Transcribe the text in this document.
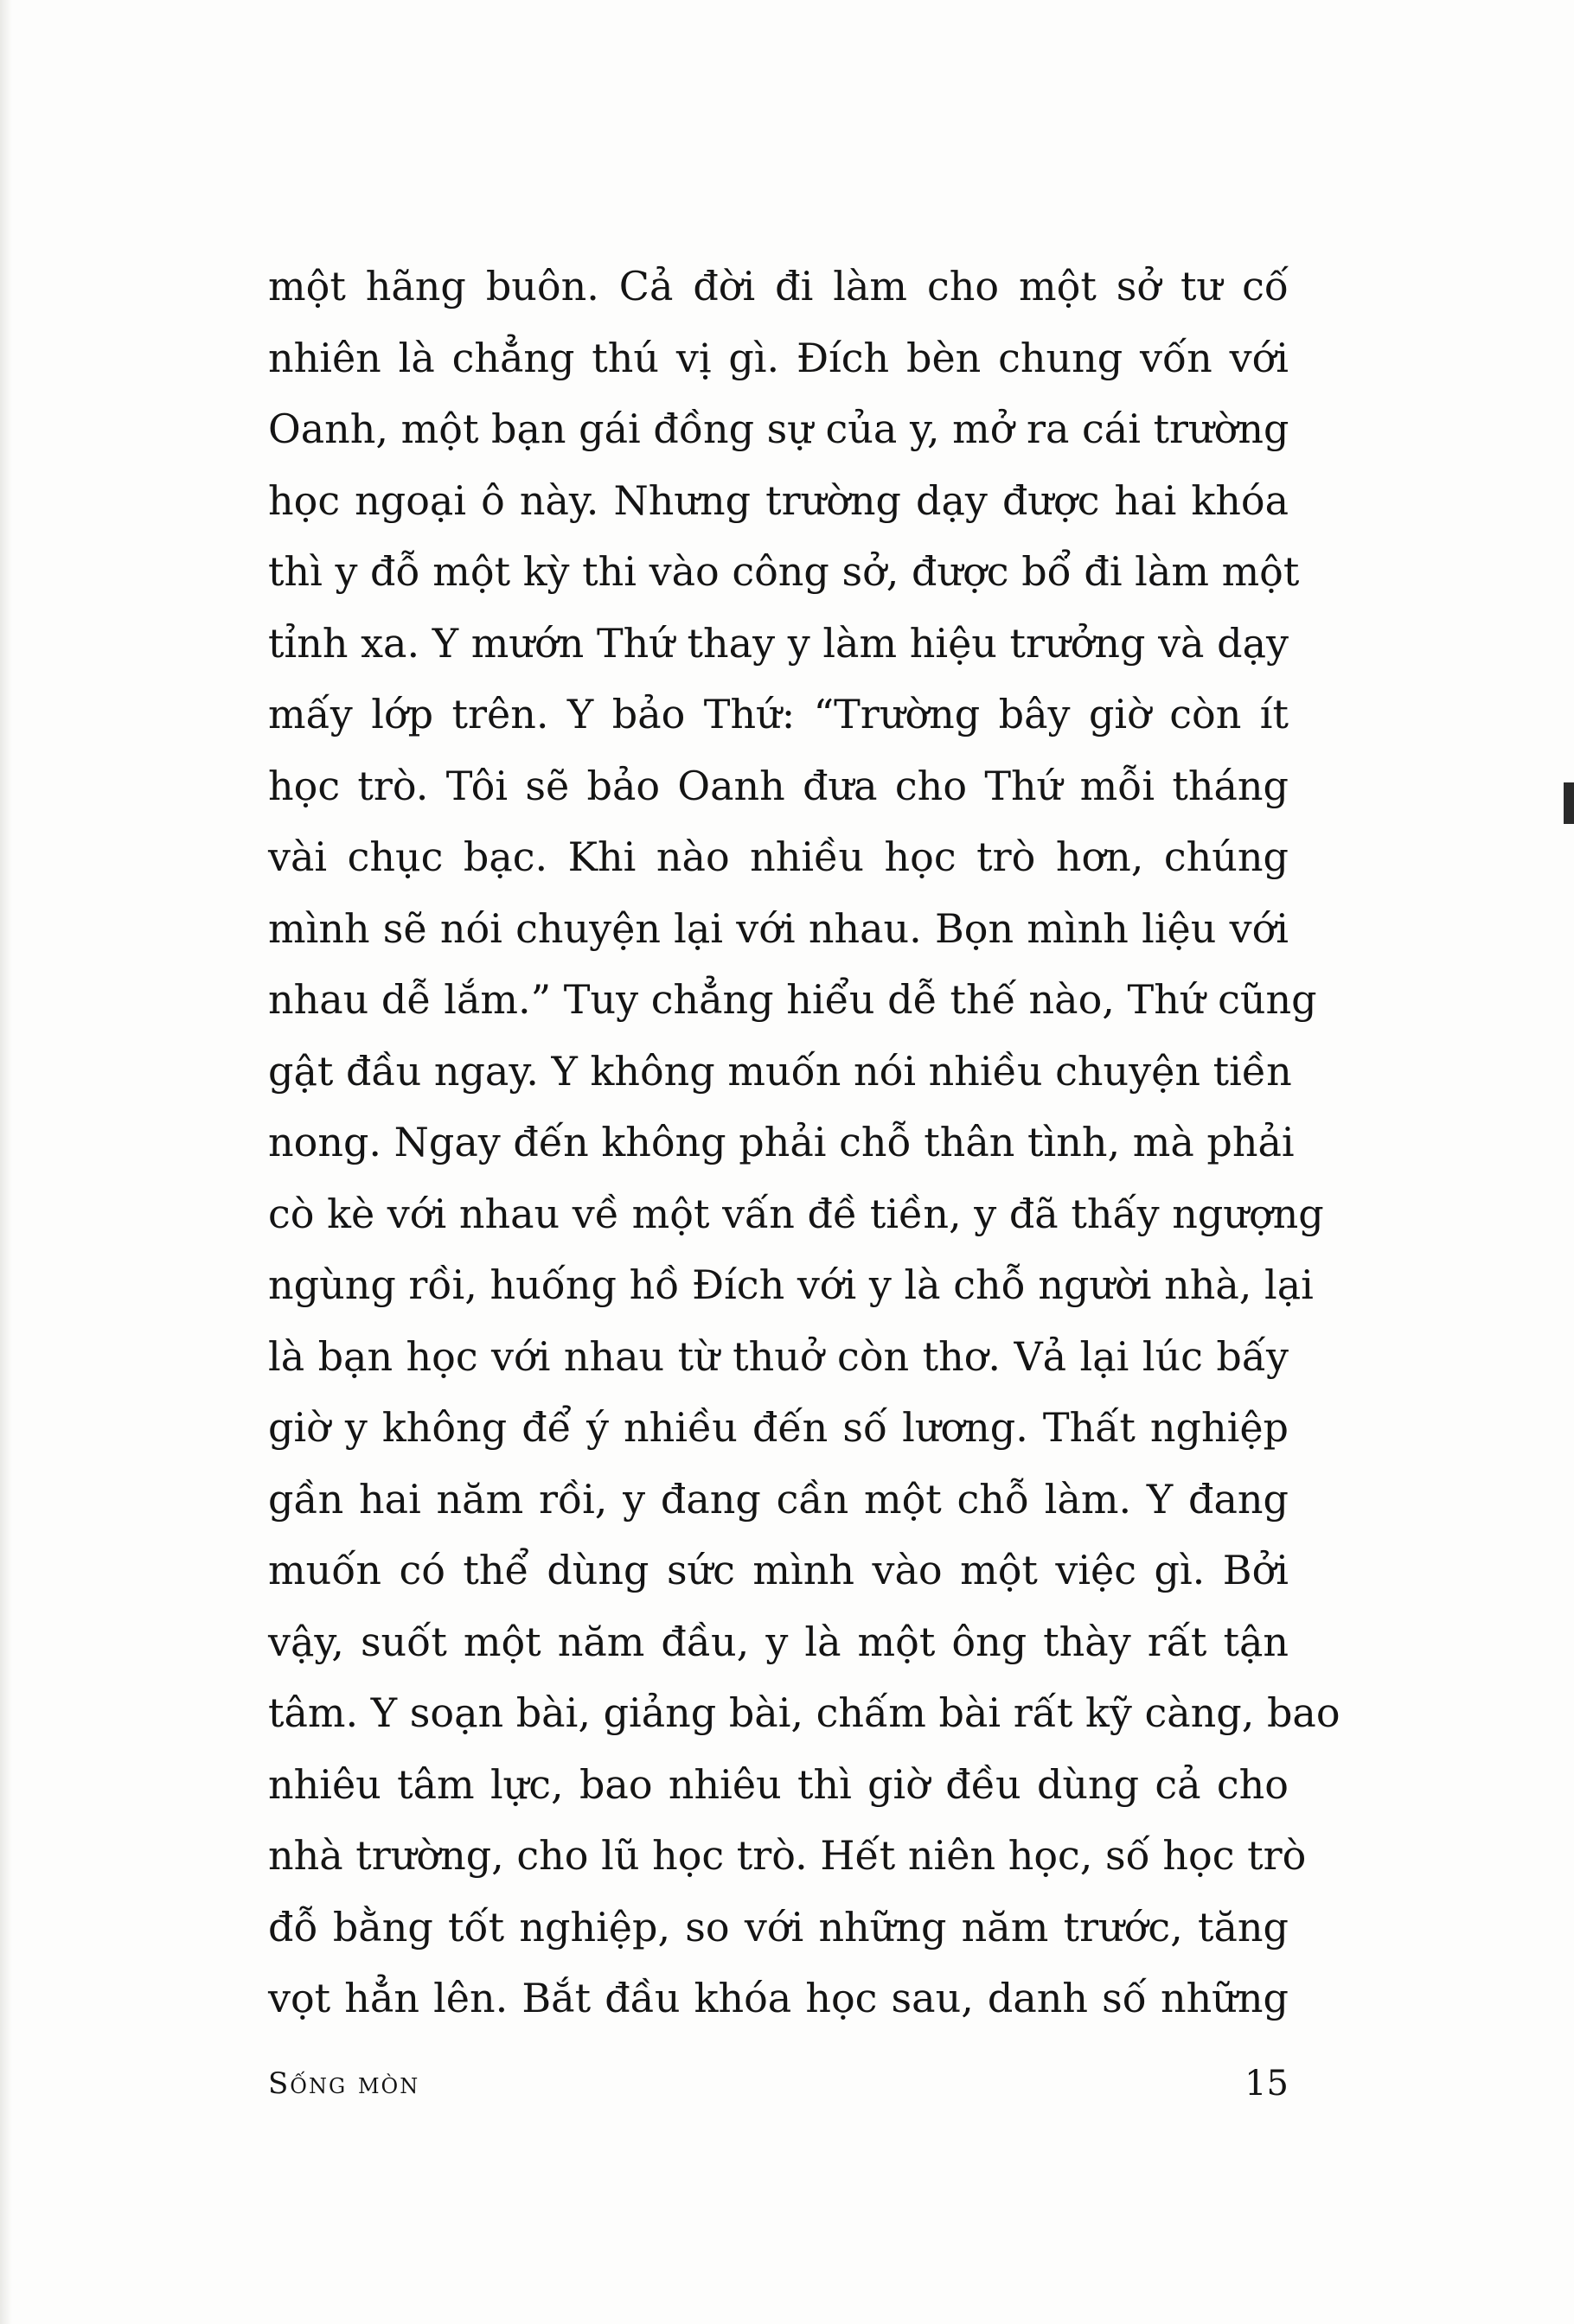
một hãng buôn. Cả đời đi làm cho một sở tư cố
nhiên là chẳng thú vị gì. Đích bèn chung vốn với
Oanh, một bạn gái đồng sự của y, mở ra cái trường
học ngoại ô này. Nhưng trường dạy được hai khóa
thì y đỗ một kỳ thi vào công sở, được bổ đi làm một
tỉnh xa. Y mướn Thứ thay y làm hiệu trưởng và dạy
mấy lớp trên. Y bảo Thứ: “Trường bây giờ còn ít
học trò. Tôi sẽ bảo Oanh đưa cho Thứ mỗi tháng
vài chục bạc. Khi nào nhiều học trò hơn, chúng
mình sẽ nói chuyện lại với nhau. Bọn mình liệu với
nhau dễ lắm.” Tuy chẳng hiểu dễ thế nào, Thứ cũng
gật đầu ngay. Y không muốn nói nhiều chuyện tiền
nong. Ngay đến không phải chỗ thân tình, mà phải
cò kè với nhau về một vấn đề tiền, y đã thấy ngượng
ngùng rồi, huống hồ Đích với y là chỗ người nhà, lại
là bạn học với nhau từ thuở còn thơ. Vả lại lúc bấy
giờ y không để ý nhiều đến số lương. Thất nghiệp
gần hai năm rồi, y đang cần một chỗ làm. Y đang
muốn có thể dùng sức mình vào một việc gì. Bởi
vậy, suốt một năm đầu, y là một ông thày rất tận
tâm. Y soạn bài, giảng bài, chấm bài rất kỹ càng, bao
nhiêu tâm lực, bao nhiêu thì giờ đều dùng cả cho
nhà trường, cho lũ học trò. Hết niên học, số học trò
đỗ bằng tốt nghiệp, so với những năm trước, tăng
vọt hẳn lên. Bắt đầu khóa học sau, danh số những
Sống mòn	15
